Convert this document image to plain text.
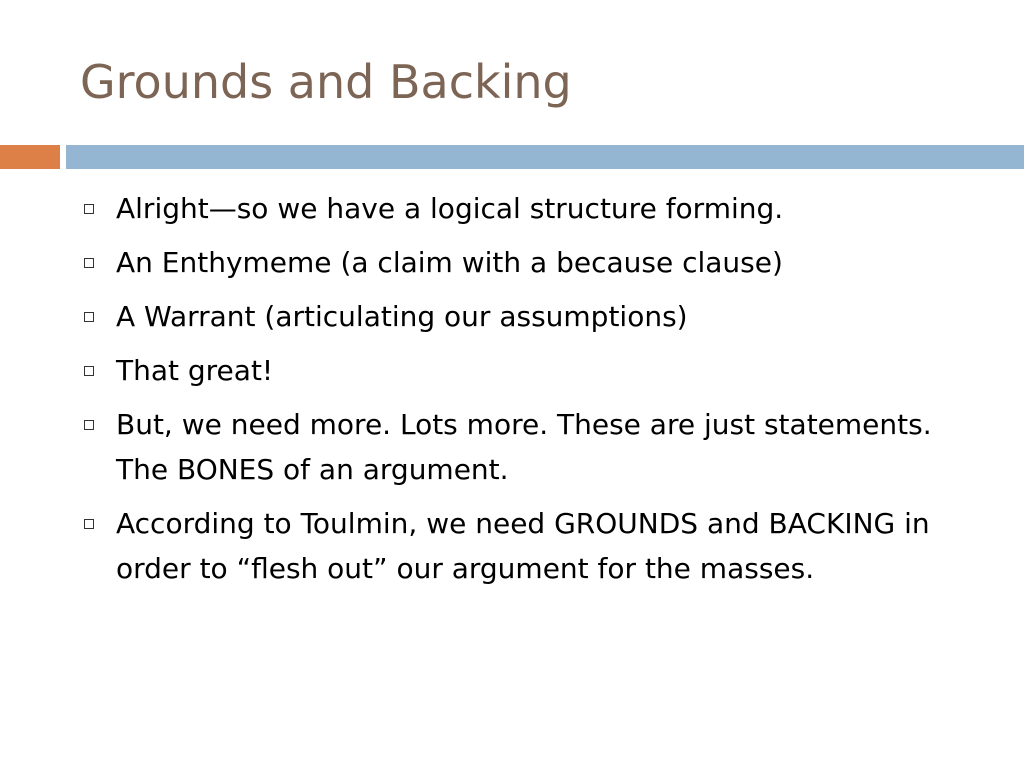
Grounds and Backing
Alright—so we have a logical structure forming.
An Enthymeme (a claim with a because clause)
A Warrant (articulating our assumptions)
That great!
But, we need more. Lots more. These are just statements. The BONES of an argument.
According to Toulmin, we need GROUNDS and BACKING in order to “flesh out” our argument for the masses.
